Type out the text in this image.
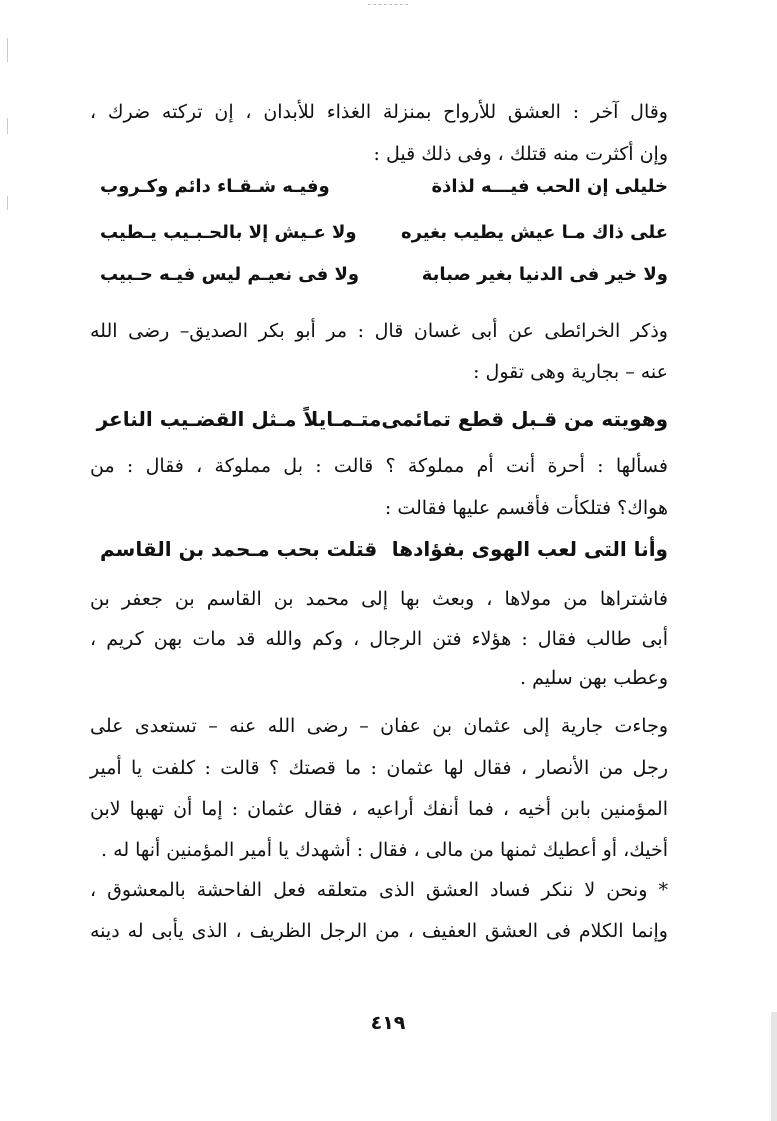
وقال آخر : العشق للأرواح بمنزلة الغذاء للأبدان ، إن تركته ضرك ،
وإن أكثرت منه قتلك ، وفى ذلك قيل :
خليلى إن الحب فيـــه لذاذة
وفيـه شـقـاء دائم وكـروب
على ذاك مـا عيش يطيب بغيره
ولا عـيش إلا بالحـبـيب يـطيب
ولا خير فى الدنيا بغير صبابة
ولا فى نعيـم ليس فيـه حـبيب
وذكر الخرائطى عن أبى غسان قال : مر أبو بكر الصديق– رضى الله
عنه – بجارية وهى تقول :
وهويته من قـبل قطع تمائمى
متـمـايلاً مـثل القضـيب الناعر
فسألها : أحرة أنت أم مملوكة ؟ قالت : بل مملوكة ، فقال : من
هواك؟ فتلكأت فأقسم عليها فقالت :
وأنا التى لعب الهوى بفؤادها
قتلت بحب مـحمد بن القاسم
فاشتراها من مولاها ، وبعث بها إلى محمد بن القاسم بن جعفر بن
أبى طالب فقال : هؤلاء فتن الرجال ، وكم والله قد مات بهن كريم ،
وعطب بهن سليم .
وجاءت جارية إلى عثمان بن عفان – رضى الله عنه – تستعدى على
رجل من الأنصار ، فقال لها عثمان : ما قصتك ؟ قالت : كلفت يا أمير
المؤمنين بابن أخيه ، فما أنفك أراعيه ، فقال عثمان : إما أن تهبها لابن
أخيك، أو أعطيك ثمنها من مالى ، فقال : أشهدك يا أمير المؤمنين أنها له .
* ونحن لا ننكر فساد العشق الذى متعلقه فعل الفاحشة بالمعشوق ،
وإنما الكلام فى العشق العفيف ، من الرجل الظريف ، الذى يأبى له دينه
٤١٩
